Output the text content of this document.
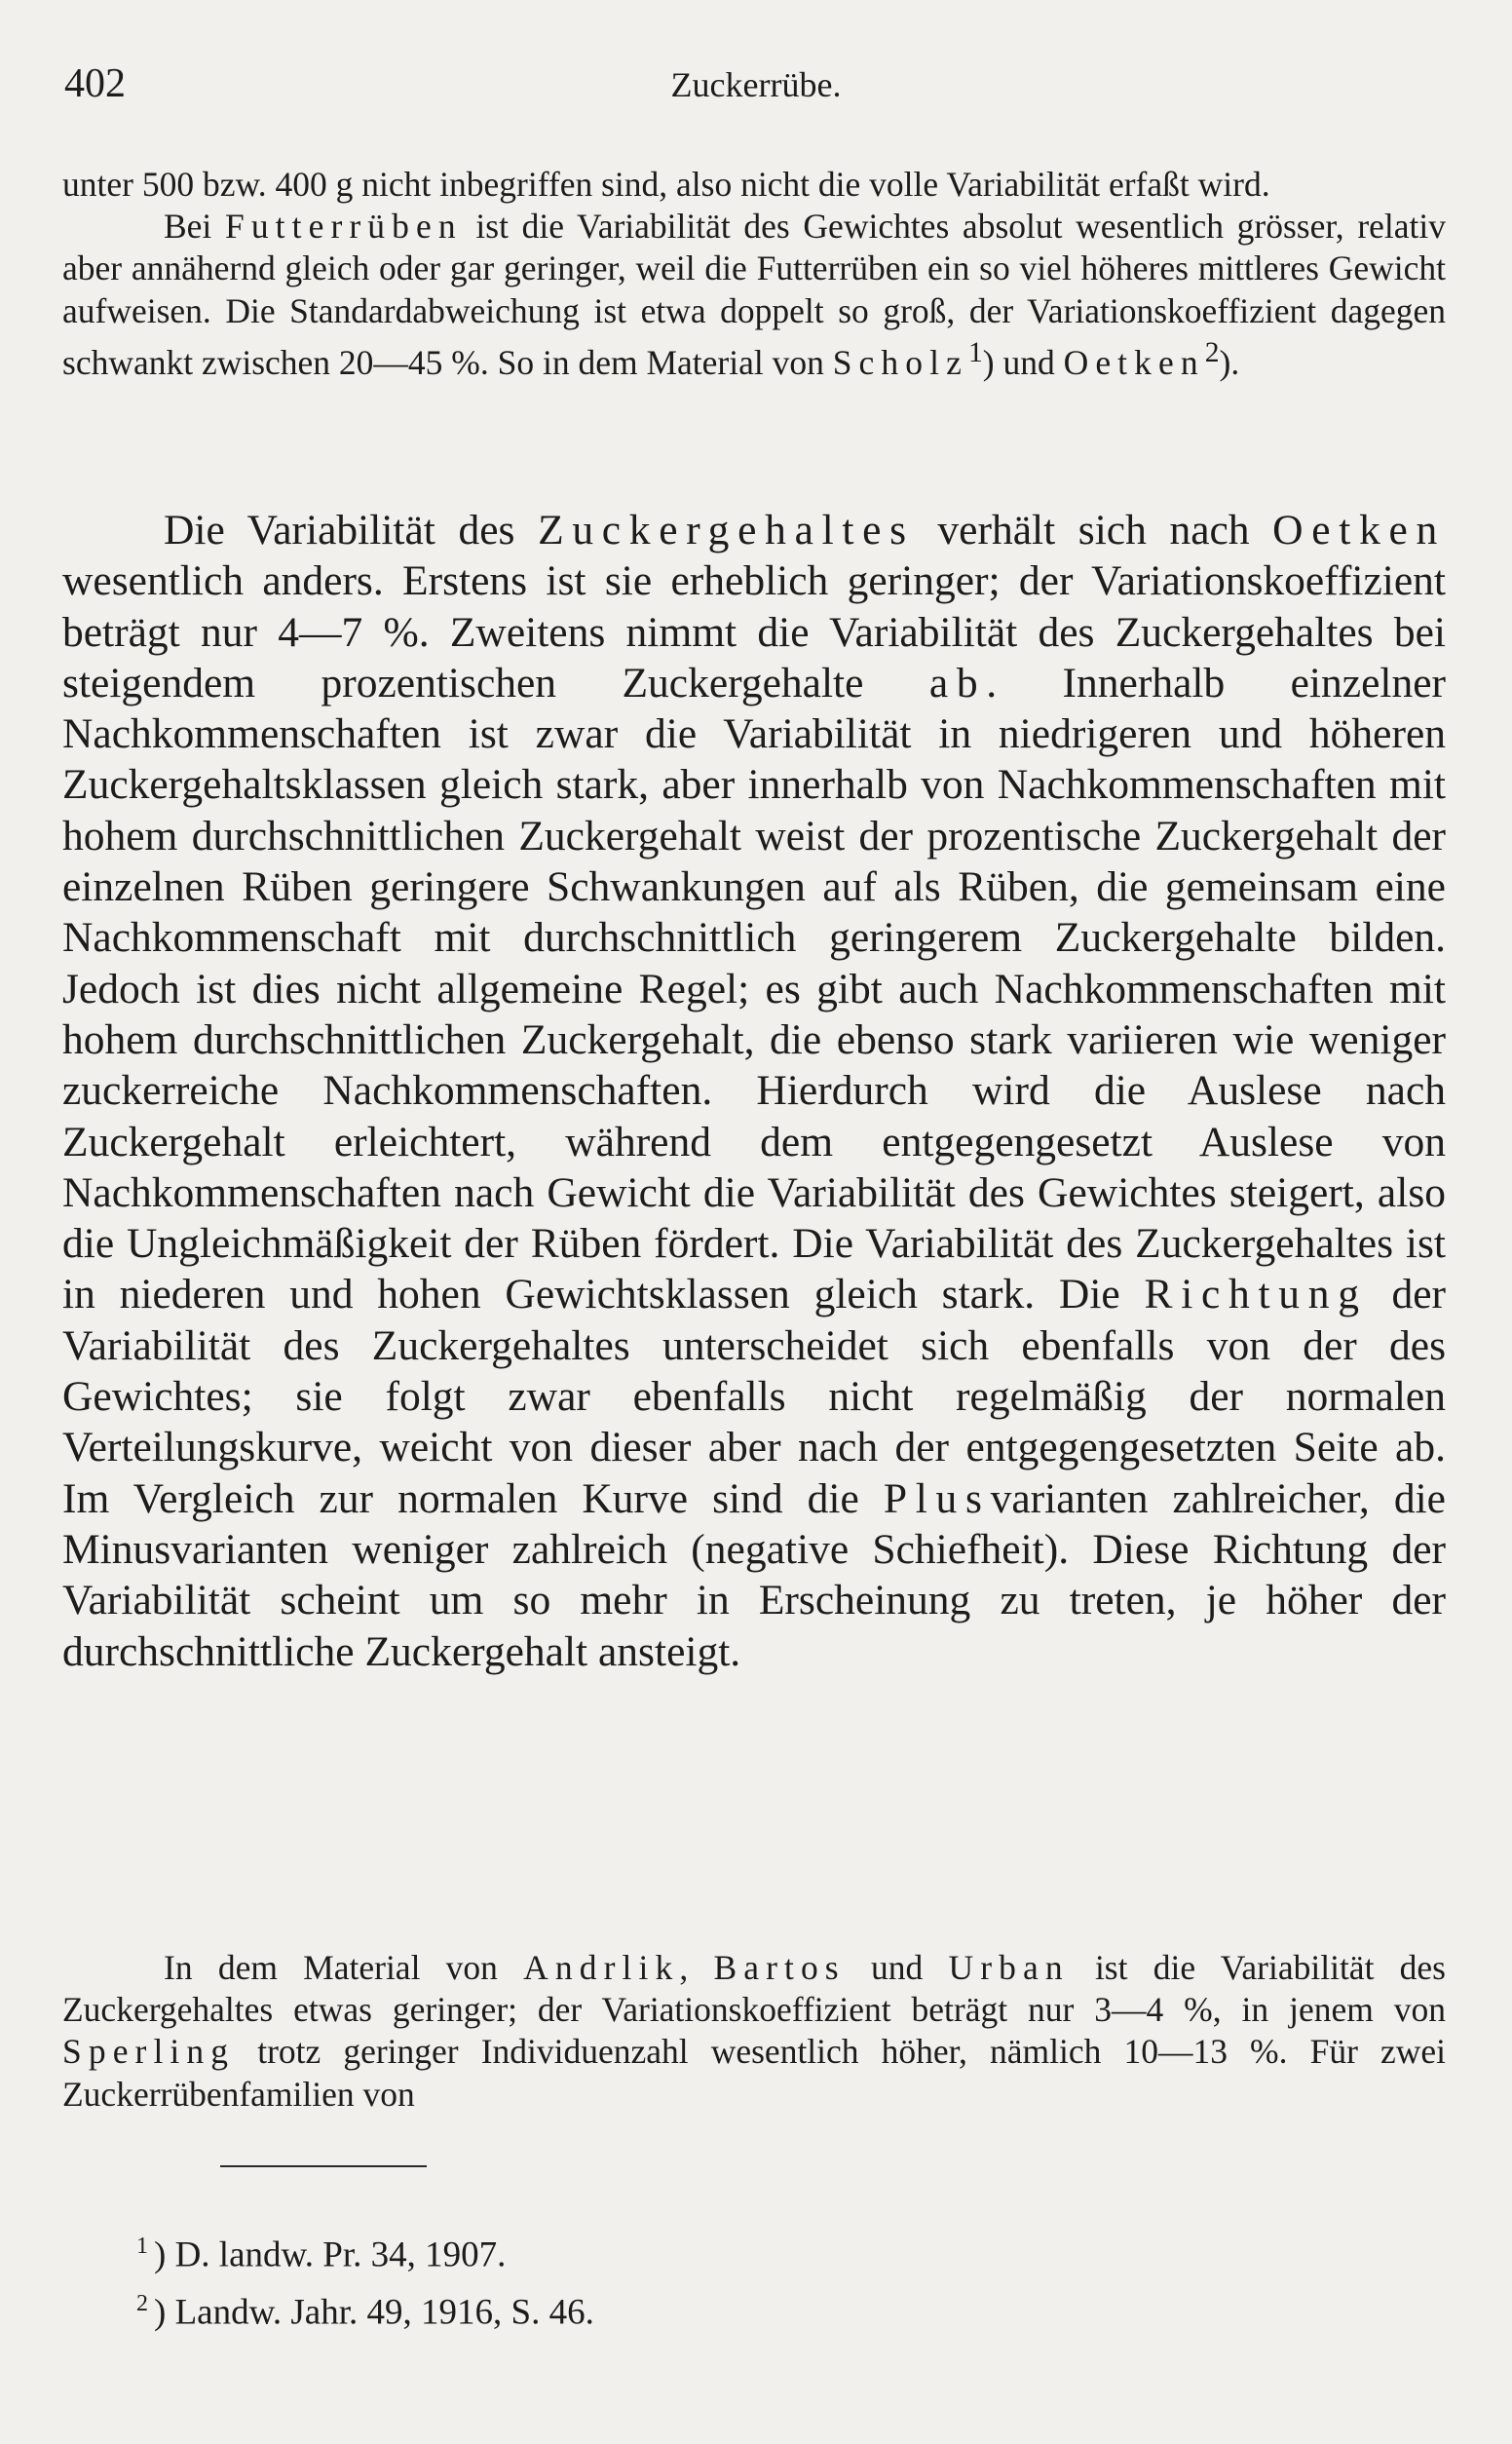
402	Zuckerrübe.

unter 500 bzw. 400 g nicht inbegriffen sind, also nicht die volle Variabilität erfaßt wird.

Bei Futterrüben ist die Variabilität des Gewichtes absolut wesentlich grösser, relativ aber annähernd gleich oder gar geringer, weil die Futterrüben ein so viel höheres mittleres Gewicht aufweisen. Die Standardabweichung ist etwa doppelt so groß, der Variationskoeffizient dagegen schwankt zwischen 20—45 %. So in dem Material von Scholz$^1$) und Oetken$^2$).

Die Variabilität des Zuckergehaltes verhält sich nach Oetken wesentlich anders. Erstens ist sie erheblich geringer; der Variationskoeffizient beträgt nur 4—7 %. Zweitens nimmt die Variabilität des Zuckergehaltes bei steigendem prozentischen Zuckergehalte ab. Innerhalb einzelner Nachkommenschaften ist zwar die Variabilität in niedrigeren und höheren Zuckergehaltsklassen gleich stark, aber innerhalb von Nachkommenschaften mit hohem durchschnittlichen Zuckergehalt weist der prozentische Zuckergehalt der einzelnen Rüben geringere Schwankungen auf als Rüben, die gemeinsam eine Nachkommenschaft mit durchschnittlich geringerem Zuckergehalte bilden. Jedoch ist dies nicht allgemeine Regel; es gibt auch Nachkommenschaften mit hohem durchschnittlichen Zuckergehalt, die ebenso stark variieren wie weniger zuckerreiche Nachkommenschaften. Hierdurch wird die Auslese nach Zuckergehalt erleichtert, während dem entgegengesetzt Auslese von Nachkommenschaften nach Gewicht die Variabilität des Gewichtes steigert, also die Ungleichmäßigkeit der Rüben fördert. Die Variabilität des Zuckergehaltes ist in niederen und hohen Gewichtsklassen gleich stark. Die Richtung der Variabilität des Zuckergehaltes unterscheidet sich ebenfalls von der des Gewichtes; sie folgt zwar ebenfalls nicht regelmäßig der normalen Verteilungskurve, weicht von dieser aber nach der entgegengesetzten Seite ab. Im Vergleich zur normalen Kurve sind die Plusvarianten zahlreicher, die Minusvarianten weniger zahlreich (negative Schiefheit). Diese Richtung der Variabilität scheint um so mehr in Erscheinung zu treten, je höher der durchschnittliche Zuckergehalt ansteigt.

In dem Material von Andrlik, Bartos und Urban ist die Variabilität des Zuckergehaltes etwas geringer; der Variationskoeffizient beträgt nur 3—4 %, in jenem von Sperling trotz geringer Individuenzahl wesentlich höher, nämlich 10—13 %. Für zwei Zuckerrübenfamilien von

$^1$ ) D. landw. Pr. 34, 1907.
$^2$ ) Landw. Jahr. 49, 1916, S. 46.
